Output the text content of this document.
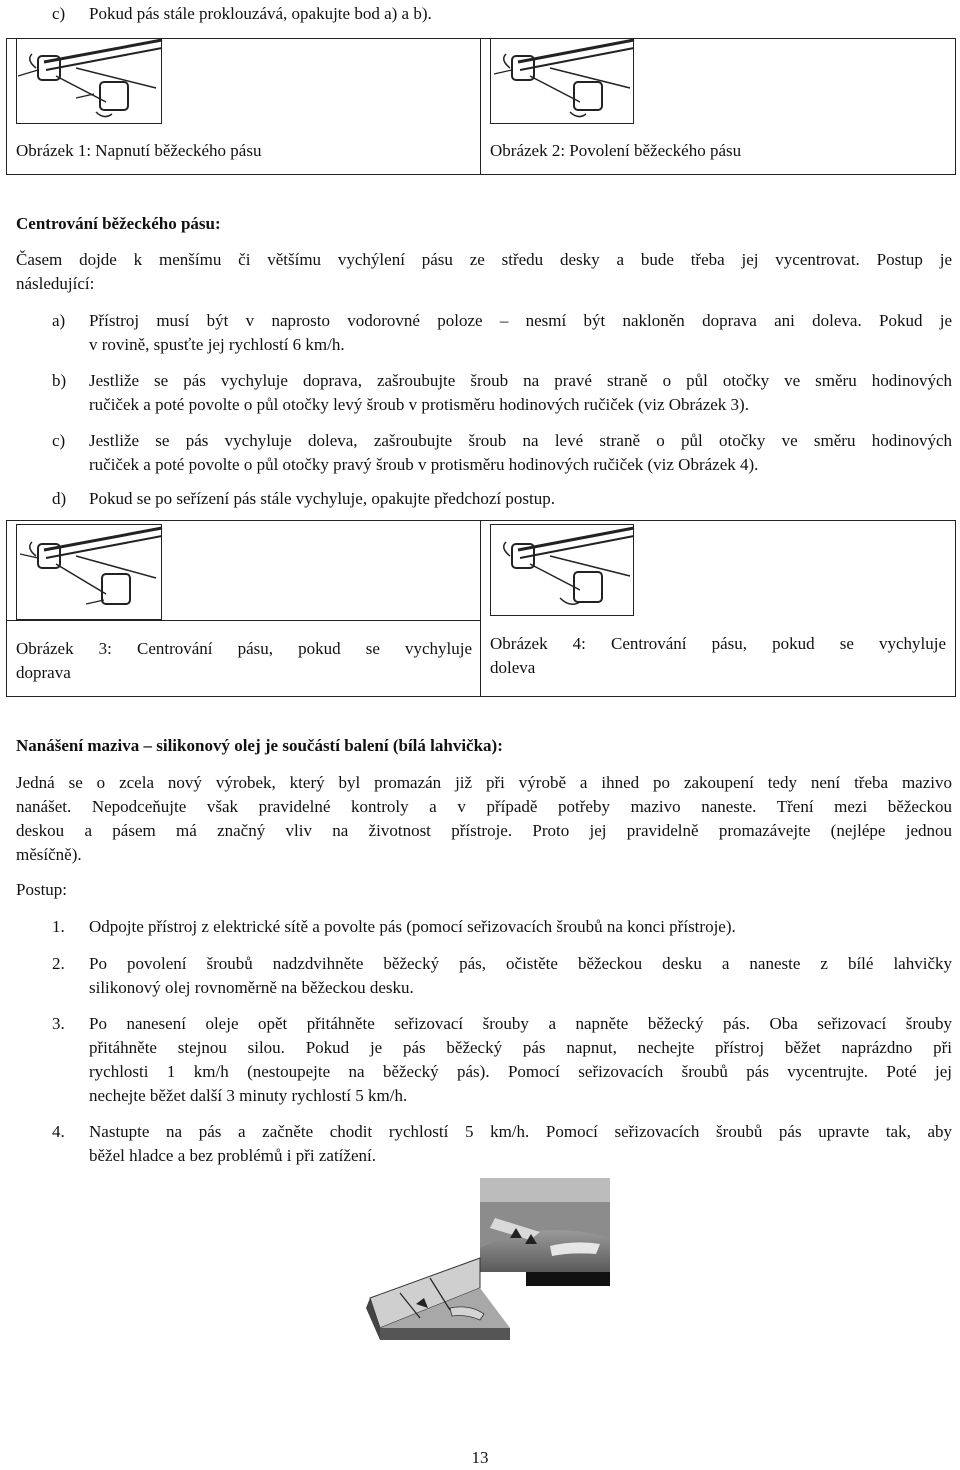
c) Pokud pás stále proklouzává, opakujte bod a) a b).
Obrázek 1: Napnutí běžeckého pásu	Obrázek 2: Povolení běžeckého pásu
Centrování běžeckého pásu:
Časem dojde k menšímu či většímu vychýlení pásu ze středu desky a bude třeba jej vycentrovat. Postup je
následující:
a) Přístroj musí být v naprosto vodorovné poloze – nesmí být nakloněn doprava ani doleva. Pokud je
v rovině, spusťte jej rychlostí 6 km/h.
b) Jestliže se pás vychyluje doprava, zašroubujte šroub na pravé straně o půl otočky ve směru hodinových
ručiček a poté povolte o půl otočky levý šroub v protisměru hodinových ručiček (viz Obrázek 3).
c) Jestliže se pás vychyluje doleva, zašroubujte šroub na levé straně o půl otočky ve směru hodinových
ručiček a poté povolte o půl otočky pravý šroub v protisměru hodinových ručiček (viz Obrázek 4).
d) Pokud se po seřízení pás stále vychyluje, opakujte předchozí postup.
Obrázek 3: Centrování pásu, pokud se vychyluje
doprava
Obrázek 4: Centrování pásu, pokud se vychyluje
doleva
Nanášení maziva – silikonový olej je součástí balení (bílá lahvička):
Jedná se o zcela nový výrobek, který byl promazán již při výrobě a ihned po zakoupení tedy není třeba mazivo
nanášet. Nepodceňujte však pravidelné kontroly a v případě potřeby mazivo naneste. Tření mezi běžeckou
deskou a pásem má značný vliv na životnost přístroje. Proto jej pravidelně promazávejte (nejlépe jednou
měsíčně).
Postup:
1. Odpojte přístroj z elektrické sítě a povolte pás (pomocí seřizovacích šroubů na konci přístroje).
2. Po povolení šroubů nadzdvihněte běžecký pás, očistěte běžeckou desku a naneste z bílé lahvičky
silikonový olej rovnoměrně na běžeckou desku.
3. Po nanesení oleje opět přitáhněte seřizovací šrouby a napněte běžecký pás. Oba seřizovací šrouby
přitáhněte stejnou silou. Pokud je pás běžecký pás napnut, nechejte přístroj běžet naprázdno při
rychlosti 1 km/h (nestoupejte na běžecký pás). Pomocí seřizovacích šroubů pás vycentrujte. Poté jej
nechejte běžet další 3 minuty rychlostí 5 km/h.
4. Nastupte na pás a začněte chodit rychlostí 5 km/h. Pomocí seřizovacích šroubů pás upravte tak, aby
běžel hladce a bez problémů i při zatížení.
13
